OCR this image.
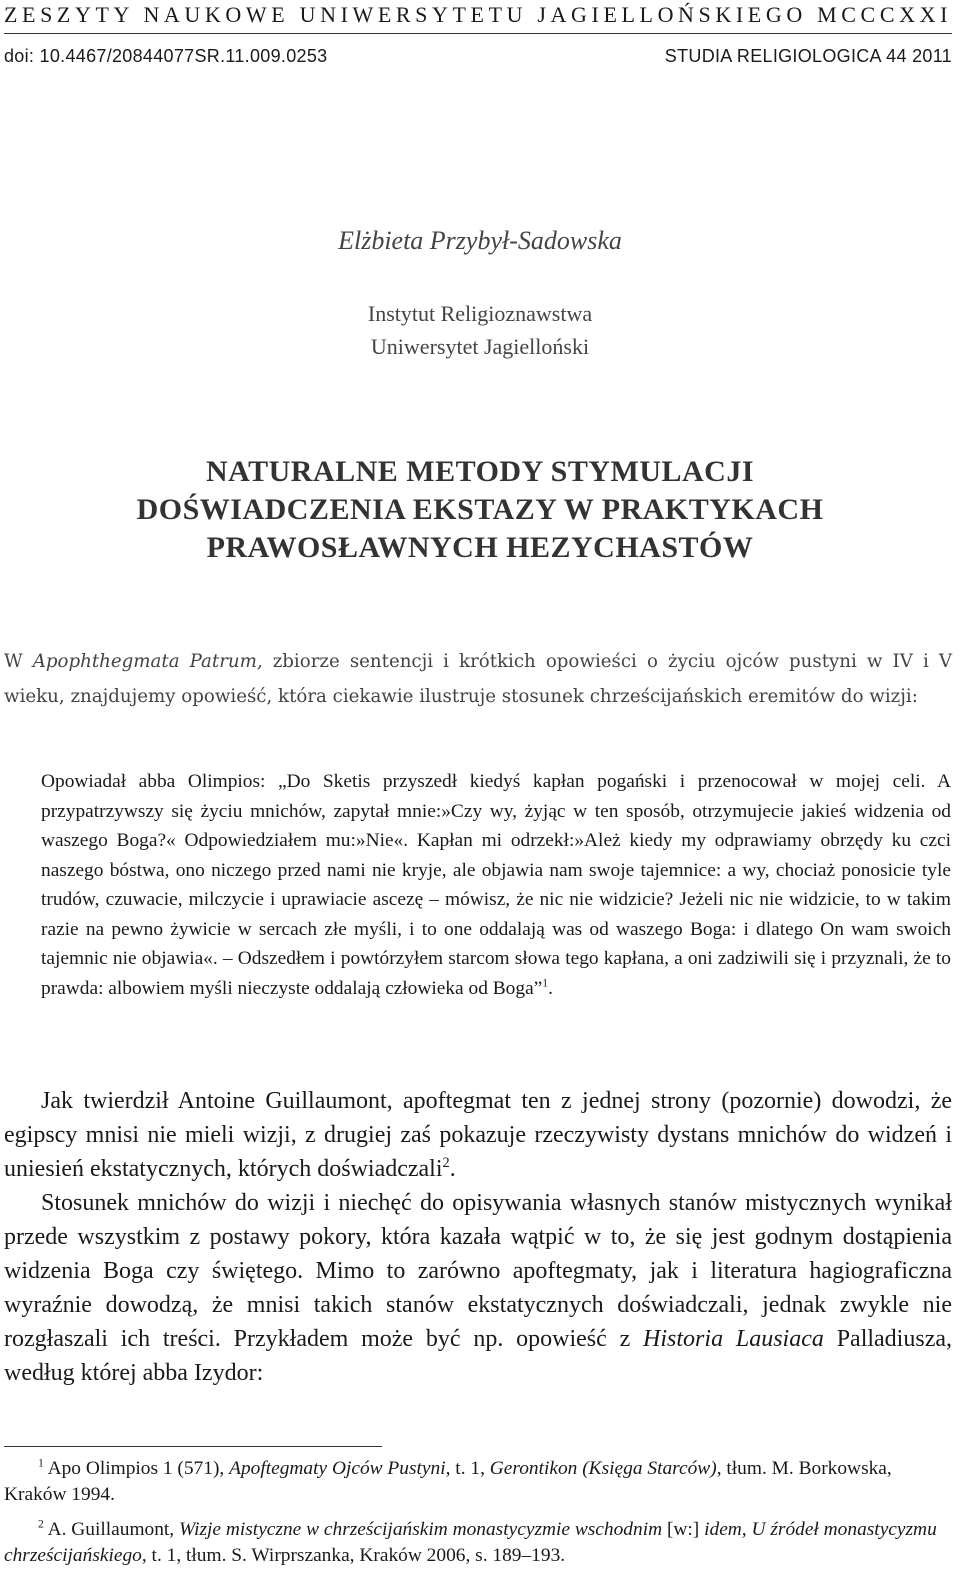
ZESZYTY NAUKOWE UNIWERSYTETU JAGIELLOŃSKIEGO MCCCXXI
doi: 10.4467/20844077SR.11.009.0253	STUDIA RELIGIOLOGICA 44 2011
Elżbieta Przybył-Sadowska
Instytut Religioznawstwa
Uniwersytet Jagielloński
NATURALNE METODY STYMULACJI
DOŚWIADCZENIA EKSTAZY W PRAKTYKACH
PRAWOSŁAWNYCH HEZYCHASTÓW

W Apophthegmata Patrum, zbiorze sentencji i krótkich opowieści o życiu ojców pustyni w IV i V wieku, znajdujemy opowieść, która ciekawie ilustruje stosunek chrześcijańskich eremitów do wizji:

Opowiadał abba Olimpios: „Do Sketis przyszedł kiedyś kapłan pogański i przenocował w mojej celi. A przypatrzywszy się życiu mnichów, zapytał mnie:»Czy wy, żyjąc w ten sposób, otrzymujecie jakieś widzenia od waszego Boga?« Odpowiedziałem mu:»Nie«. Kapłan mi odrzekł:»Ależ kiedy my odprawiamy obrzędy ku czci naszego bóstwa, ono niczego przed nami nie kryje, ale objawia nam swoje tajemnice: a wy, chociaż ponosicie tyle trudów, czuwacie, milczycie i uprawiacie ascezę – mówisz, że nic nie widzicie? Jeżeli nic nie widzicie, to w takim razie na pewno żywicie w sercach złe myśli, i to one oddalają was od waszego Boga: i dlatego On wam swoich tajemnic nie objawia«. – Odszedłem i powtórzyłem starcom słowa tego kapłana, a oni zadziwili się i przyznali, że to prawda: albowiem myśli nieczyste oddalają człowieka od Boga”$^1$.

Jak twierdził Antoine Guillaumont, apoftegmat ten z jednej strony (pozornie) dowodzi, że egipscy mnisi nie mieli wizji, z drugiej zaś pokazuje rzeczywisty dystans mnichów do widzeń i uniesień ekstatycznych, których doświadczali$^2$.

Stosunek mnichów do wizji i niechęć do opisywania własnych stanów mistycznych wynikał przede wszystkim z postawy pokory, która kazała wątpić w to, że się jest godnym dostąpienia widzenia Boga czy świętego. Mimo to zarówno apoftegmaty, jak i literatura hagiograficzna wyraźnie dowodzą, że mnisi takich stanów ekstatycznych doświadczali, jednak zwykle nie rozgłaszali ich treści. Przykładem może być np. opowieść z Historia Lausiaca Palladiusza, według której abba Izydor:

$^1$ Apo Olimpios 1 (571), Apoftegmaty Ojców Pustyni, t. 1, Gerontikon (Księga Starców), tłum. M. Borkowska, Kraków 1994.

$^2$ A. Guillaumont, Wizje mistyczne w chrześcijańskim monastycyzmie wschodnim [w:] idem, U źródeł monastycyzmu chrześcijańskiego, t. 1, tłum. S. Wirprszanka, Kraków 2006, s. 189–193.
